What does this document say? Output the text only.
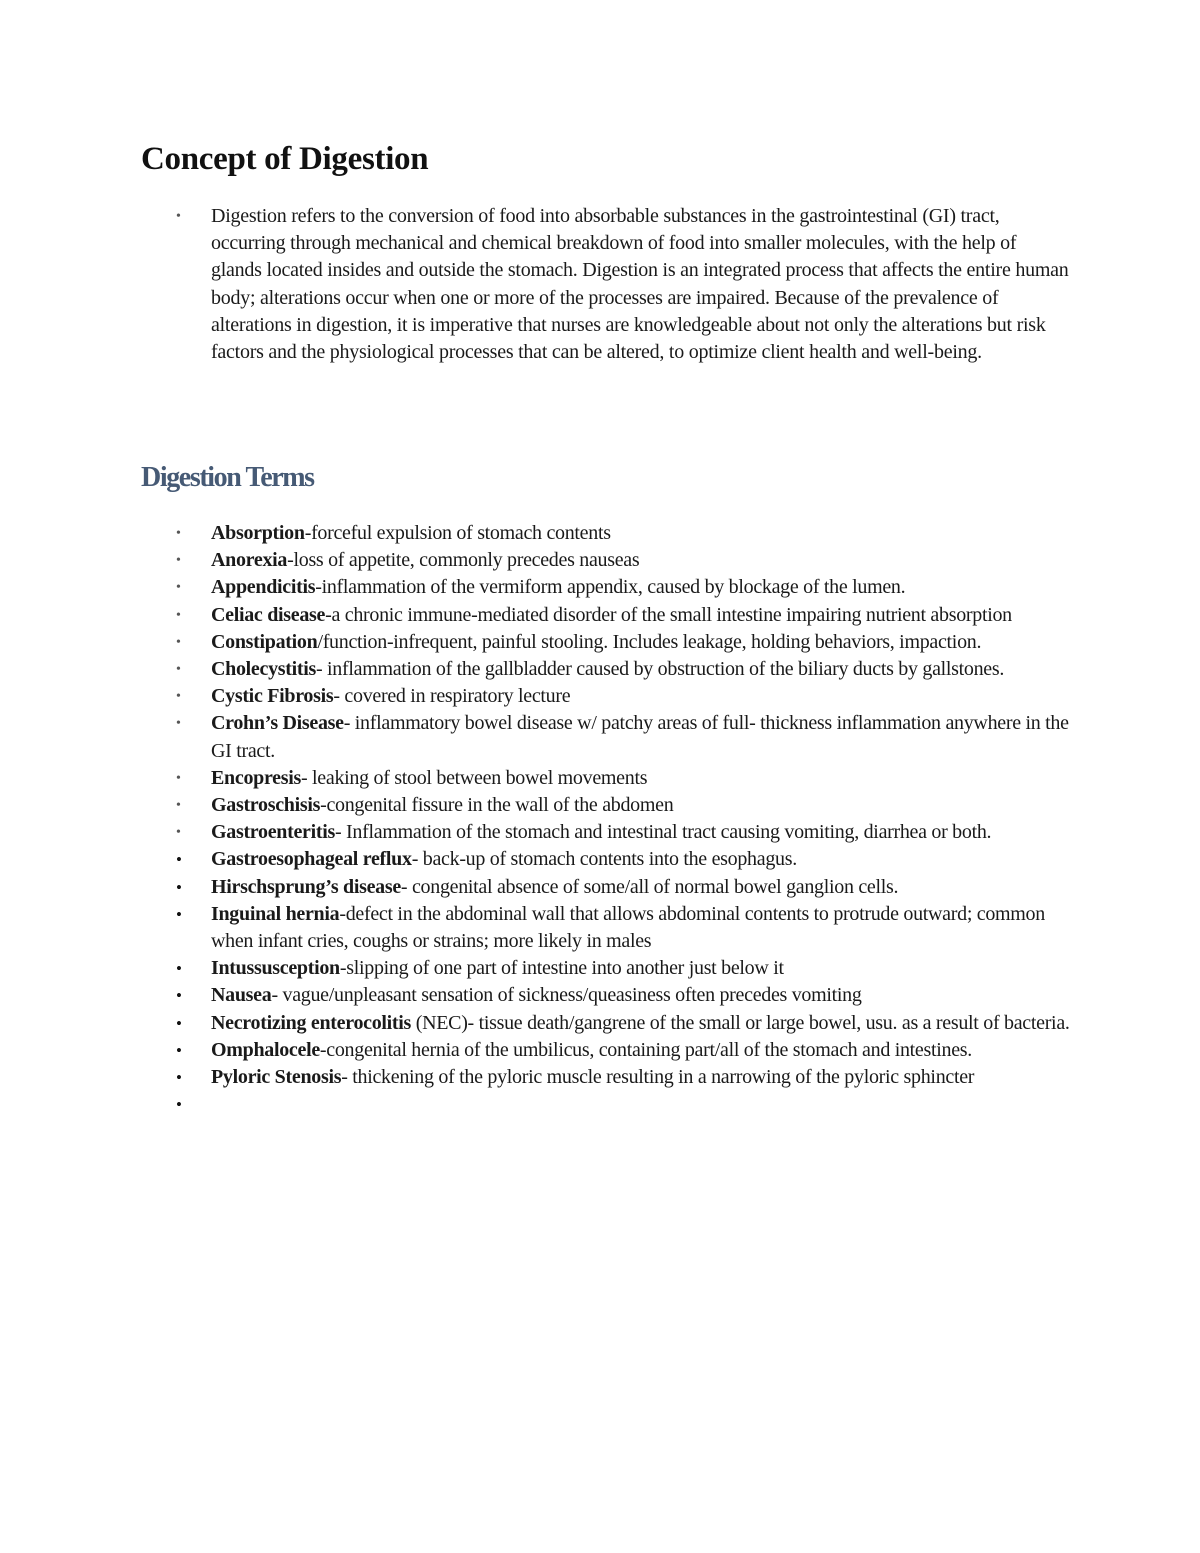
Concept of Digestion
• Digestion refers to the conversion of food into absorbable substances in the gastrointestinal (GI) tract, occurring through mechanical and chemical breakdown of food into smaller molecules, with the help of glands located insides and outside the stomach. Digestion is an integrated process that affects the entire human body; alterations occur when one or more of the processes are impaired. Because of the prevalence of alterations in digestion, it is imperative that nurses are knowledgeable about not only the alterations but risk factors and the physiological processes that can be altered, to optimize client health and well-being.
Digestion Terms
• Absorption-forceful expulsion of stomach contents
• Anorexia-loss of appetite, commonly precedes nauseas
• Appendicitis-inflammation of the vermiform appendix, caused by blockage of the lumen.
• Celiac disease-a chronic immune-mediated disorder of the small intestine impairing nutrient absorption
• Constipation/function-infrequent, painful stooling. Includes leakage, holding behaviors, impaction.
• Cholecystitis- inflammation of the gallbladder caused by obstruction of the biliary ducts by gallstones.
• Cystic Fibrosis- covered in respiratory lecture
• Crohn’s Disease- inflammatory bowel disease w/ patchy areas of full- thickness inflammation anywhere in the GI tract.
• Encopresis- leaking of stool between bowel movements
• Gastroschisis-congenital fissure in the wall of the abdomen
• Gastroenteritis- Inflammation of the stomach and intestinal tract causing vomiting, diarrhea or both.
• Gastroesophageal reflux- back-up of stomach contents into the esophagus.
• Hirschsprung’s disease- congenital absence of some/all of normal bowel ganglion cells.
• Inguinal hernia-defect in the abdominal wall that allows abdominal contents to protrude outward; common when infant cries, coughs or strains; more likely in males
• Intussusception-slipping of one part of intestine into another just below it
• Nausea- vague/unpleasant sensation of sickness/queasiness often precedes vomiting
• Necrotizing enterocolitis (NEC)- tissue death/gangrene of the small or large bowel, usu. as a result of bacteria.
• Omphalocele-congenital hernia of the umbilicus, containing part/all of the stomach and intestines.
• Pyloric Stenosis- thickening of the pyloric muscle resulting in a narrowing of the pyloric sphincter
•
